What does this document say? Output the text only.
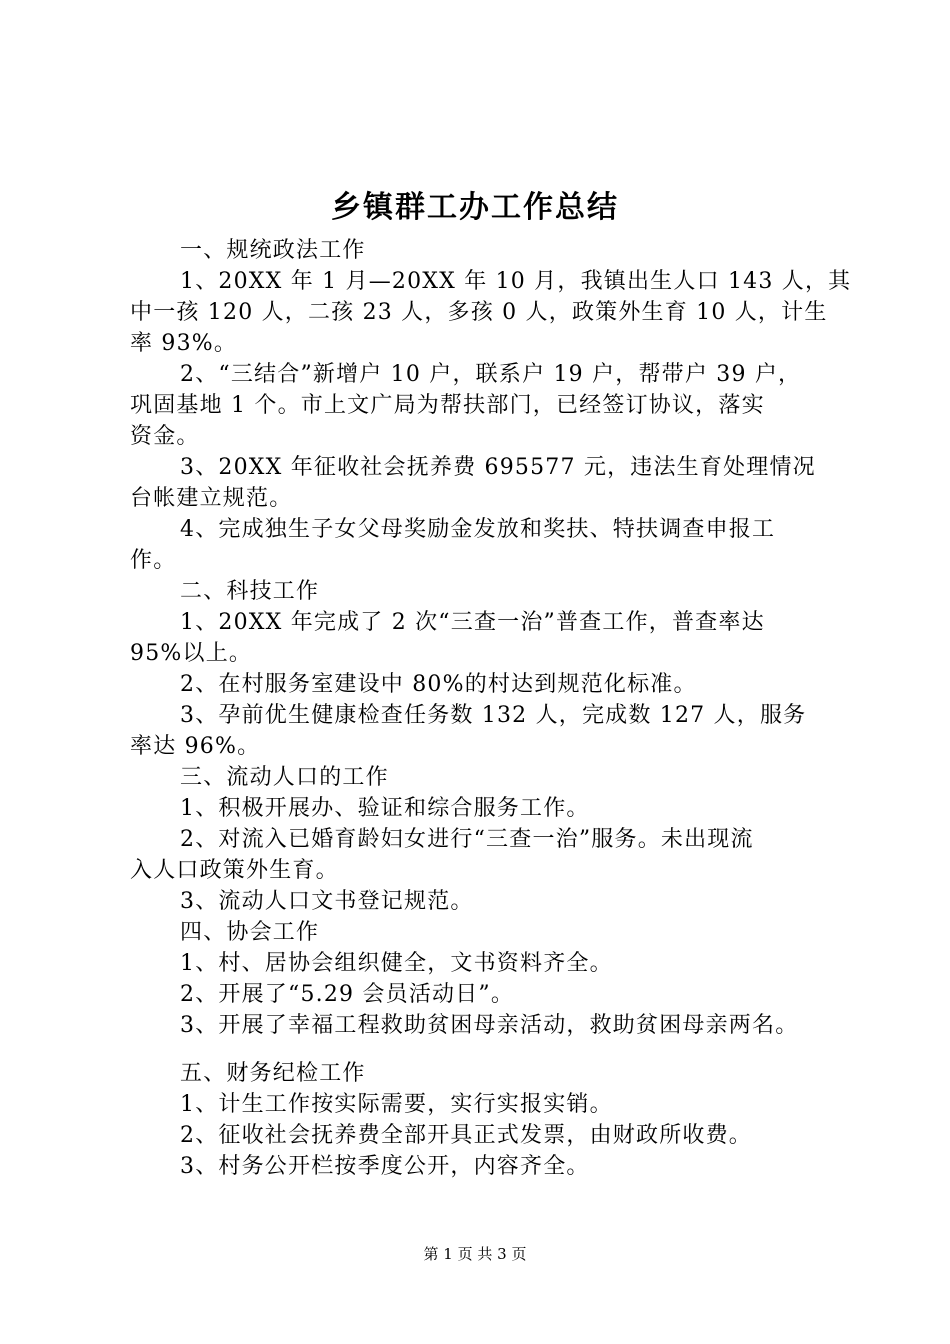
乡镇群工办工作总结
一、规统政法工作
1、20XX 年 1 月—20XX 年 10 月，我镇出生人口 143 人，其
中一孩 120 人，二孩 23 人，多孩 0 人，政策外生育 10 人，计生
率 93%。
2、“三结合”新增户 10 户，联系户 19 户，帮带户 39 户，
巩固基地 1 个。市上文广局为帮扶部门，已经签订协议，落实
资金。
3、20XX 年征收社会抚养费 695577 元，违法生育处理情况
台帐建立规范。
4、完成独生子女父母奖励金发放和奖扶、特扶调查申报工
作。
二、科技工作
1、20XX 年完成了 2 次“三查一治”普查工作，普查率达
95%以上。
2、在村服务室建设中 80%的村达到规范化标准。
3、孕前优生健康检查任务数 132 人，完成数 127 人，服务
率达 96%。
三、流动人口的工作
1、积极开展办、验证和综合服务工作。
2、对流入已婚育龄妇女进行“三查一治”服务。未出现流
入人口政策外生育。
3、流动人口文书登记规范。
四、协会工作
1、村、居协会组织健全，文书资料齐全。
2、开展了“5.29 会员活动日”。
3、开展了幸福工程救助贫困母亲活动，救助贫困母亲两名。
五、财务纪检工作
1、计生工作按实际需要，实行实报实销。
2、征收社会抚养费全部开具正式发票，由财政所收费。
3、村务公开栏按季度公开，内容齐全。
第 1 页 共 3 页
